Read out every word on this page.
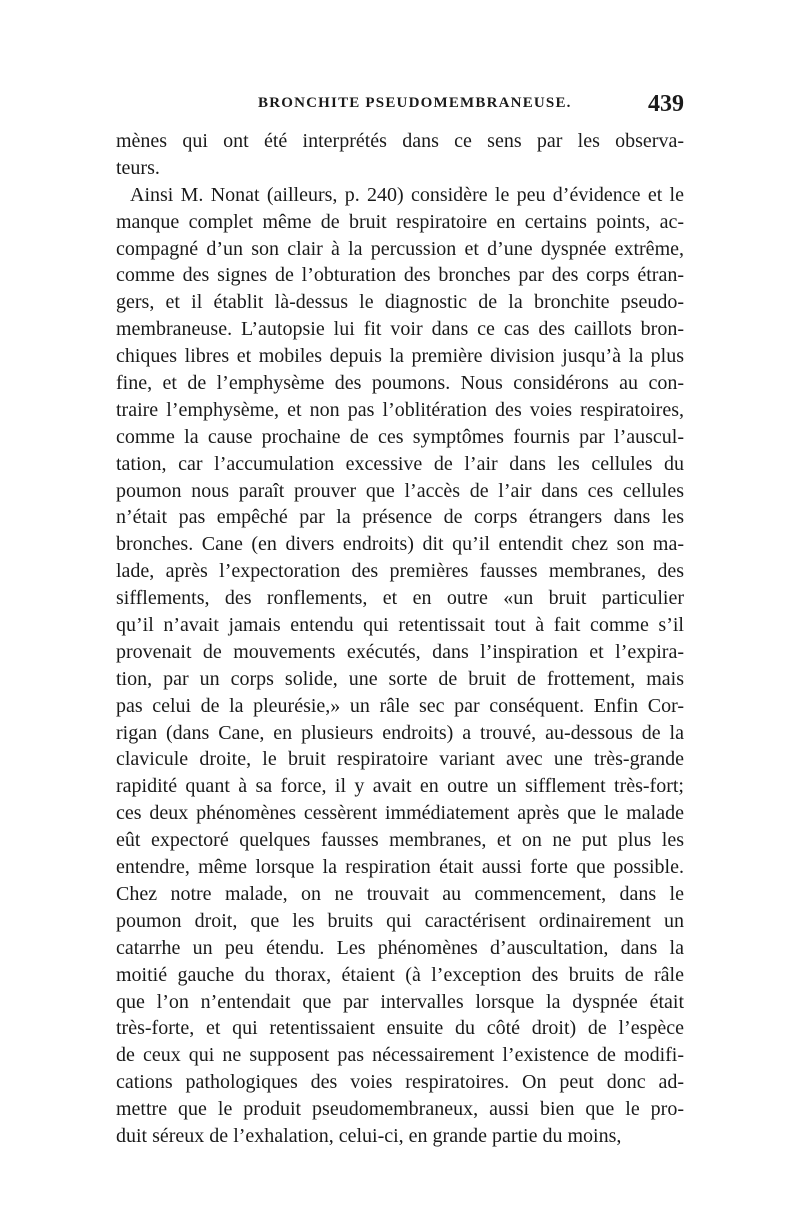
BRONCHITE PSEUDOMEMBRANEUSE.	439
mènes qui ont été interprétés dans ce sens par les observa-
teurs.
Ainsi M. Nonat (ailleurs, p. 240) considère le peu d’évidence et le
manque complet même de bruit respiratoire en certains points, ac-
compagné d’un son clair à la percussion et d’une dyspnée extrême,
comme des signes de l’obturation des bronches par des corps étran-
gers, et il établit là-dessus le diagnostic de la bronchite pseudo-
membraneuse. L’autopsie lui fit voir dans ce cas des caillots bron-
chiques libres et mobiles depuis la première division jusqu’à la plus
fine, et de l’emphysème des poumons. Nous considérons au con-
traire l’emphysème, et non pas l’oblitération des voies respiratoires,
comme la cause prochaine de ces symptômes fournis par l’auscul-
tation, car l’accumulation excessive de l’air dans les cellules du
poumon nous paraît prouver que l’accès de l’air dans ces cellules
n’était pas empêché par la présence de corps étrangers dans les
bronches. Cane (en divers endroits) dit qu’il entendit chez son ma-
lade, après l’expectoration des premières fausses membranes, des
sifflements, des ronflements, et en outre «un bruit particulier
qu’il n’avait jamais entendu qui retentissait tout à fait comme s’il
provenait de mouvements exécutés, dans l’inspiration et l’expira-
tion, par un corps solide, une sorte de bruit de frottement, mais
pas celui de la pleurésie,» un râle sec par conséquent. Enfin Cor-
rigan (dans Cane, en plusieurs endroits) a trouvé, au-dessous de la
clavicule droite, le bruit respiratoire variant avec une très-grande
rapidité quant à sa force, il y avait en outre un sifflement très-fort;
ces deux phénomènes cessèrent immédiatement après que le malade
eût expectoré quelques fausses membranes, et on ne put plus les
entendre, même lorsque la respiration était aussi forte que possible.
Chez notre malade, on ne trouvait au commencement, dans le
poumon droit, que les bruits qui caractérisent ordinairement un
catarrhe un peu étendu. Les phénomènes d’auscultation, dans la
moitié gauche du thorax, étaient (à l’exception des bruits de râle
que l’on n’entendait que par intervalles lorsque la dyspnée était
très-forte, et qui retentissaient ensuite du côté droit) de l’espèce
de ceux qui ne supposent pas nécessairement l’existence de modifi-
cations pathologiques des voies respiratoires. On peut donc ad-
mettre que le produit pseudomembraneux, aussi bien que le pro-
duit séreux de l’exhalation, celui-ci, en grande partie du moins,
